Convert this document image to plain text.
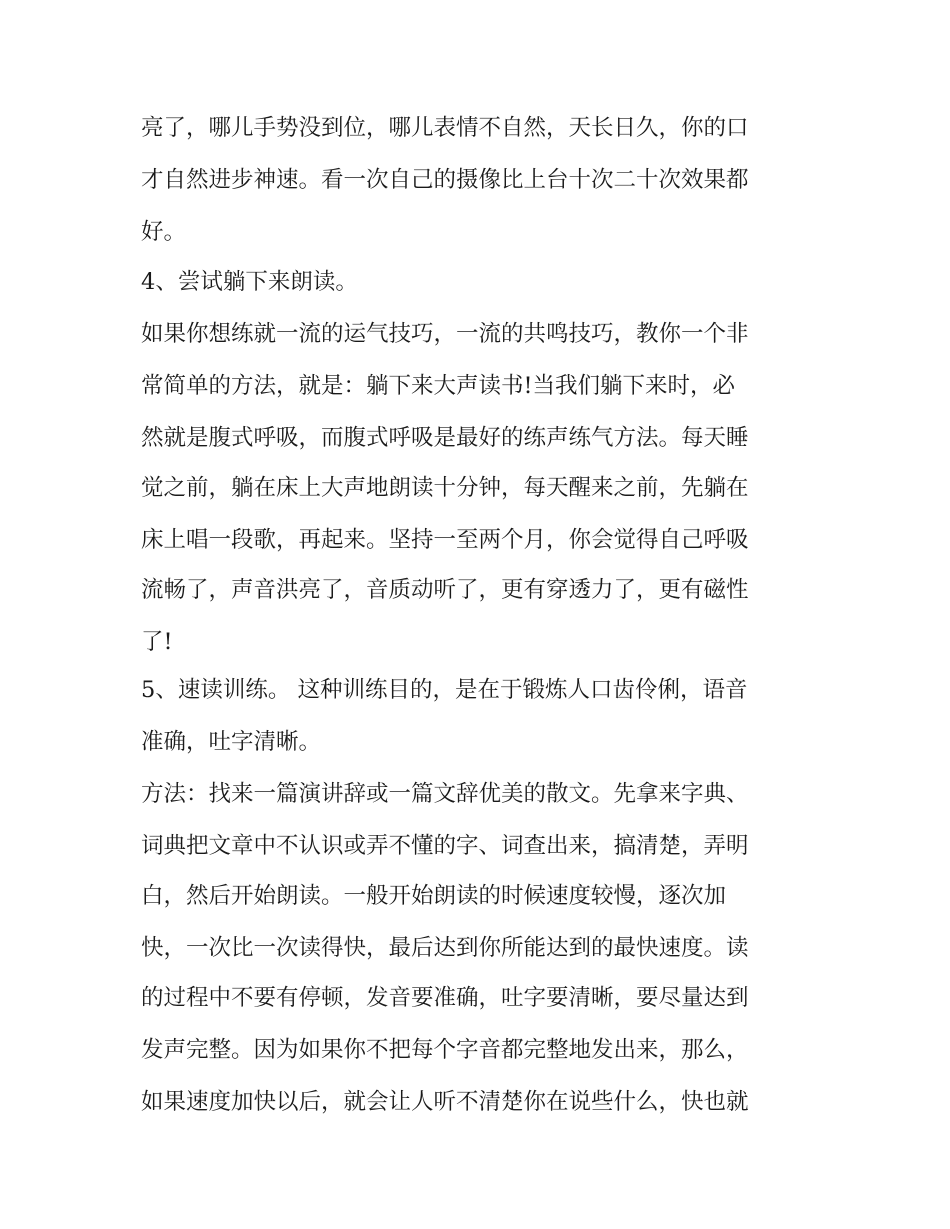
亮了，哪儿手势没到位，哪儿表情不自然，天长日久，你的口
才自然进步神速。看一次自己的摄像比上台十次二十次效果都
好。
4、尝试躺下来朗读。
如果你想练就一流的运气技巧，一流的共鸣技巧，教你一个非
常简单的方法，就是：躺下来大声读书!当我们躺下来时，必
然就是腹式呼吸，而腹式呼吸是最好的练声练气方法。每天睡
觉之前，躺在床上大声地朗读十分钟，每天醒来之前，先躺在
床上唱一段歌，再起来。坚持一至两个月，你会觉得自己呼吸
流畅了，声音洪亮了，音质动听了，更有穿透力了，更有磁性
了!
5、速读训练。 这种训练目的，是在于锻炼人口齿伶俐，语音
准确，吐字清晰。
方法：找来一篇演讲辞或一篇文辞优美的散文。先拿来字典、
词典把文章中不认识或弄不懂的字、词查出来，搞清楚，弄明
白，然后开始朗读。一般开始朗读的时候速度较慢，逐次加
快，一次比一次读得快，最后达到你所能达到的最快速度。读
的过程中不要有停顿，发音要准确，吐字要清晰，要尽量达到
发声完整。因为如果你不把每个字音都完整地发出来，那么，
如果速度加快以后，就会让人听不清楚你在说些什么，快也就
